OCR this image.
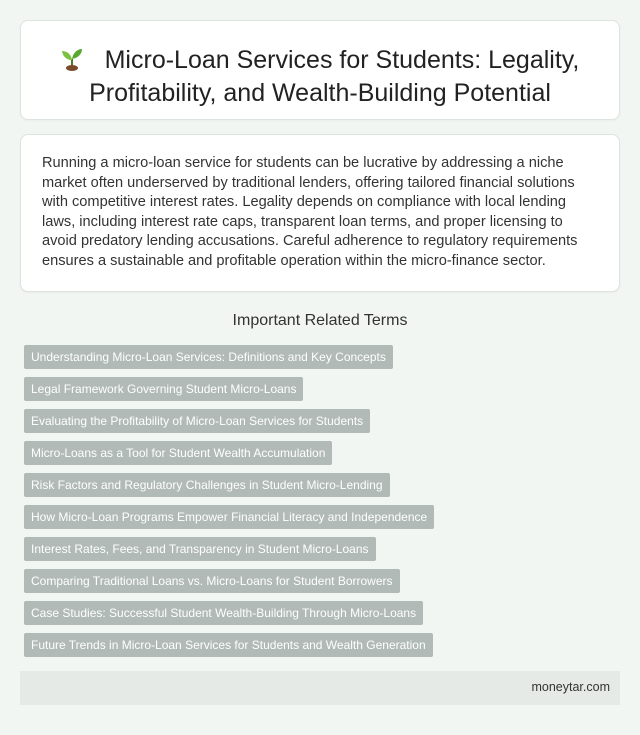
Micro-Loan Services for Students: Legality, Profitability, and Wealth-Building Potential
Running a micro-loan service for students can be lucrative by addressing a niche market often underserved by traditional lenders, offering tailored financial solutions with competitive interest rates. Legality depends on compliance with local lending laws, including interest rate caps, transparent loan terms, and proper licensing to avoid predatory lending accusations. Careful adherence to regulatory requirements ensures a sustainable and profitable operation within the micro-finance sector.
Important Related Terms
Understanding Micro-Loan Services: Definitions and Key Concepts
Legal Framework Governing Student Micro-Loans
Evaluating the Profitability of Micro-Loan Services for Students
Micro-Loans as a Tool for Student Wealth Accumulation
Risk Factors and Regulatory Challenges in Student Micro-Lending
How Micro-Loan Programs Empower Financial Literacy and Independence
Interest Rates, Fees, and Transparency in Student Micro-Loans
Comparing Traditional Loans vs. Micro-Loans for Student Borrowers
Case Studies: Successful Student Wealth-Building Through Micro-Loans
Future Trends in Micro-Loan Services for Students and Wealth Generation
moneytar.com
